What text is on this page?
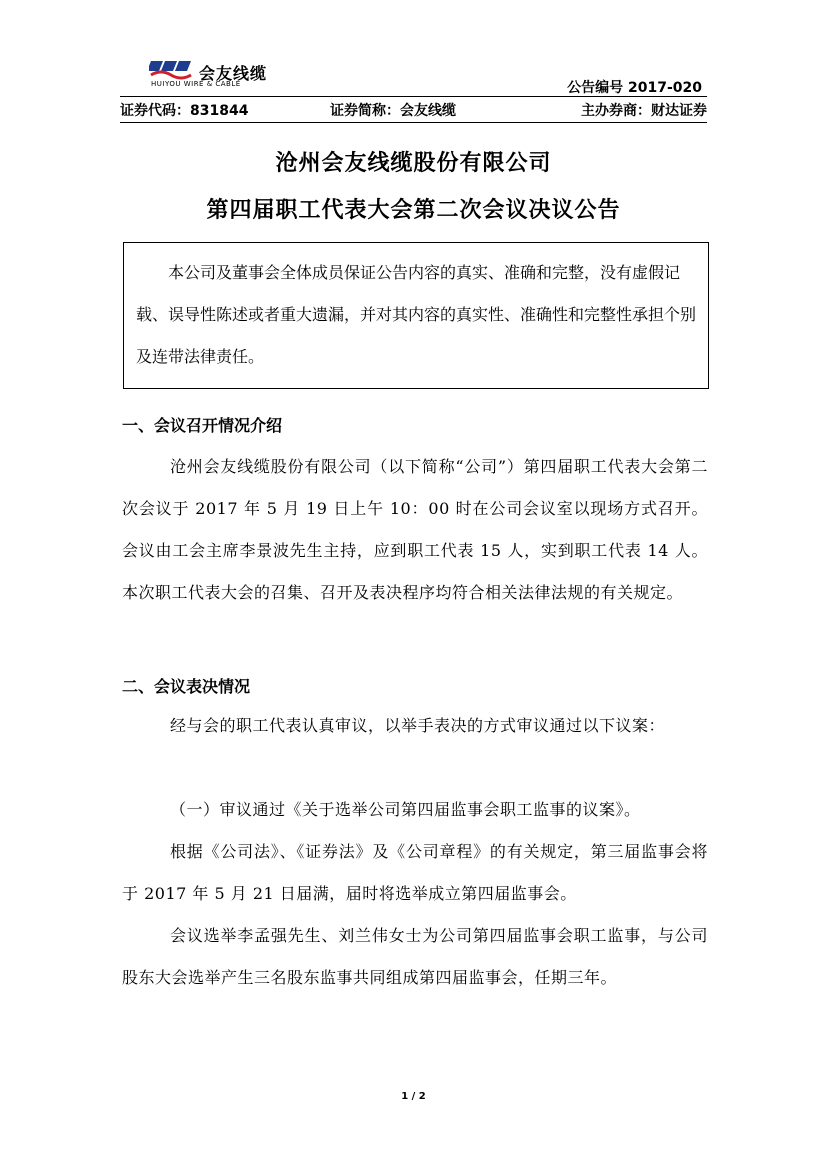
会友线缆
HUIYOU WIRE & CABLE	公告编号 2017-020
证券代码：831844	证券简称：会友线缆	主办券商：财达证券
沧州会友线缆股份有限公司
第四届职工代表大会第二次会议决议公告

本公司及董事会全体成员保证公告内容的真实、准确和完整，没有虚假记载、误导性陈述或者重大遗漏，并对其内容的真实性、准确性和完整性承担个别及连带法律责任。

一、会议召开情况介绍
沧州会友线缆股份有限公司（以下简称“公司”）第四届职工代表大会第二次会议于 2017 年 5 月 19 日上午 10：00 时在公司会议室以现场方式召开。会议由工会主席李景波先生主持，应到职工代表 15 人，实到职工代表 14 人。本次职工代表大会的召集、召开及表决程序均符合相关法律法规的有关规定。
二、会议表决情况
经与会的职工代表认真审议，以举手表决的方式审议通过以下议案：
（一）审议通过《关于选举公司第四届监事会职工监事的议案》。
根据《公司法》、《证券法》及《公司章程》的有关规定，第三届监事会将于 2017 年 5 月 21 日届满，届时将选举成立第四届监事会。
会议选举李孟强先生、刘兰伟女士为公司第四届监事会职工监事，与公司股东大会选举产生三名股东监事共同组成第四届监事会，任期三年。
1 / 2
